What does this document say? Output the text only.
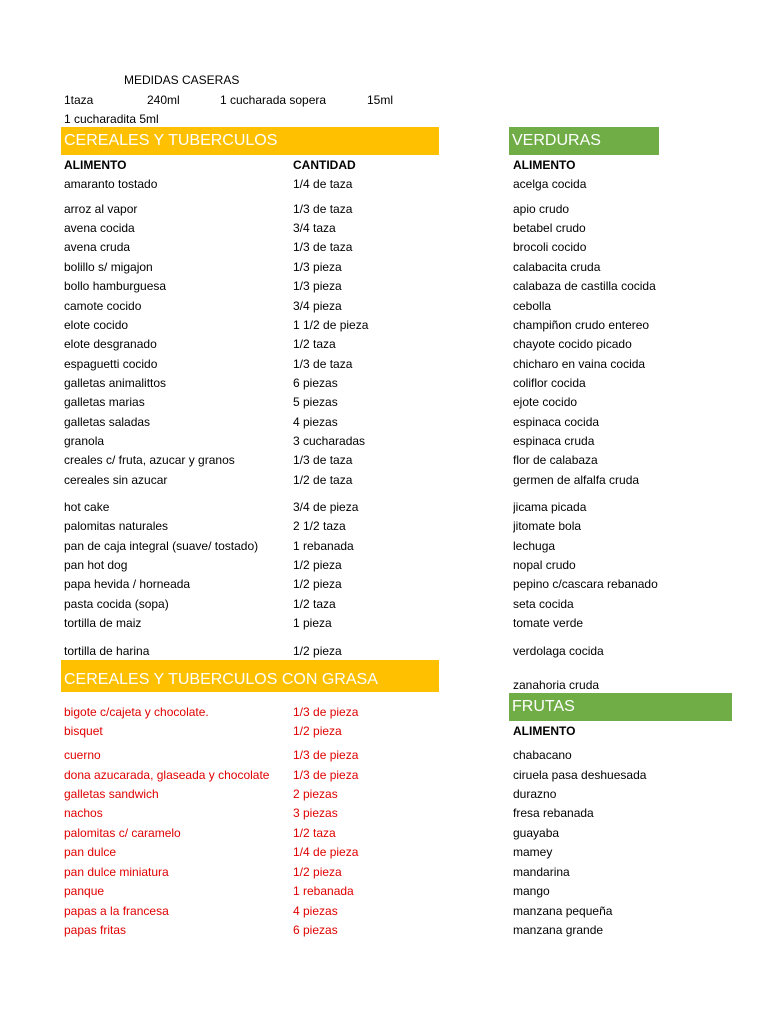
MEDIDAS CASERAS
1taza	240ml	1 cucharada sopera	15ml
1 cucharadita 5ml
CEREALES Y TUBERCULOS	VERDURAS
CEREALES Y TUBERCULOS CON GRASA
FRUTAS
ALIMENTO	CANTIDAD	ALIMENTO
ALIMENTO
amaranto tostado	1/4 de taza
arroz al vapor	1/3 de taza
avena cocida	3/4 taza
avena cruda	1/3 de taza
bolillo s/ migajon	1/3 pieza
bollo hamburguesa	1/3 pieza
camote cocido	3/4 pieza
elote cocido	1 1/2 de pieza
elote desgranado	1/2 taza
espaguetti cocido	1/3 de taza
galletas animalittos	6 piezas
galletas marias	5 piezas
galletas saladas	4 piezas
granola	3 cucharadas
creales c/ fruta, azucar y granos	1/3 de taza
cereales sin azucar	1/2 de taza
hot cake	3/4 de pieza
palomitas naturales	2 1/2 taza
pan de caja integral (suave/ tostado)	1 rebanada
pan hot dog	1/2 pieza
papa hevida / horneada	1/2 pieza
pasta cocida (sopa)	1/2 taza
tortilla de maiz	1 pieza
tortilla de harina	1/2 pieza
bigote c/cajeta y chocolate.	1/3 de pieza
bisquet	1/2 pieza
cuerno	1/3 de pieza
dona azucarada, glaseada y chocolate 1/3 de pieza
galletas sandwich	2 piezas
nachos	3 piezas
palomitas c/ caramelo	1/2 taza
pan dulce	1/4 de pieza
pan dulce miniatura	1/2 pieza
panque	1 rebanada
papas a la francesa	4 piezas
papas fritas	6 piezas
acelga cocida
apio crudo
betabel crudo
brocoli cocido
calabacita cruda
calabaza de castilla cocida
cebolla
champiñon crudo entereo
chayote cocido picado
chicharo en vaina cocida
coliflor cocida
ejote cocido
espinaca cocida
espinaca cruda
flor de calabaza
germen de alfalfa cruda
jicama picada
jitomate bola
lechuga
nopal crudo
pepino c/cascara rebanado
seta cocida
tomate verde
verdolaga cocida
zanahoria cruda
chabacano
ciruela pasa deshuesada
durazno
fresa rebanada
guayaba
mamey
mandarina
mango
manzana pequeña
manzana grande
